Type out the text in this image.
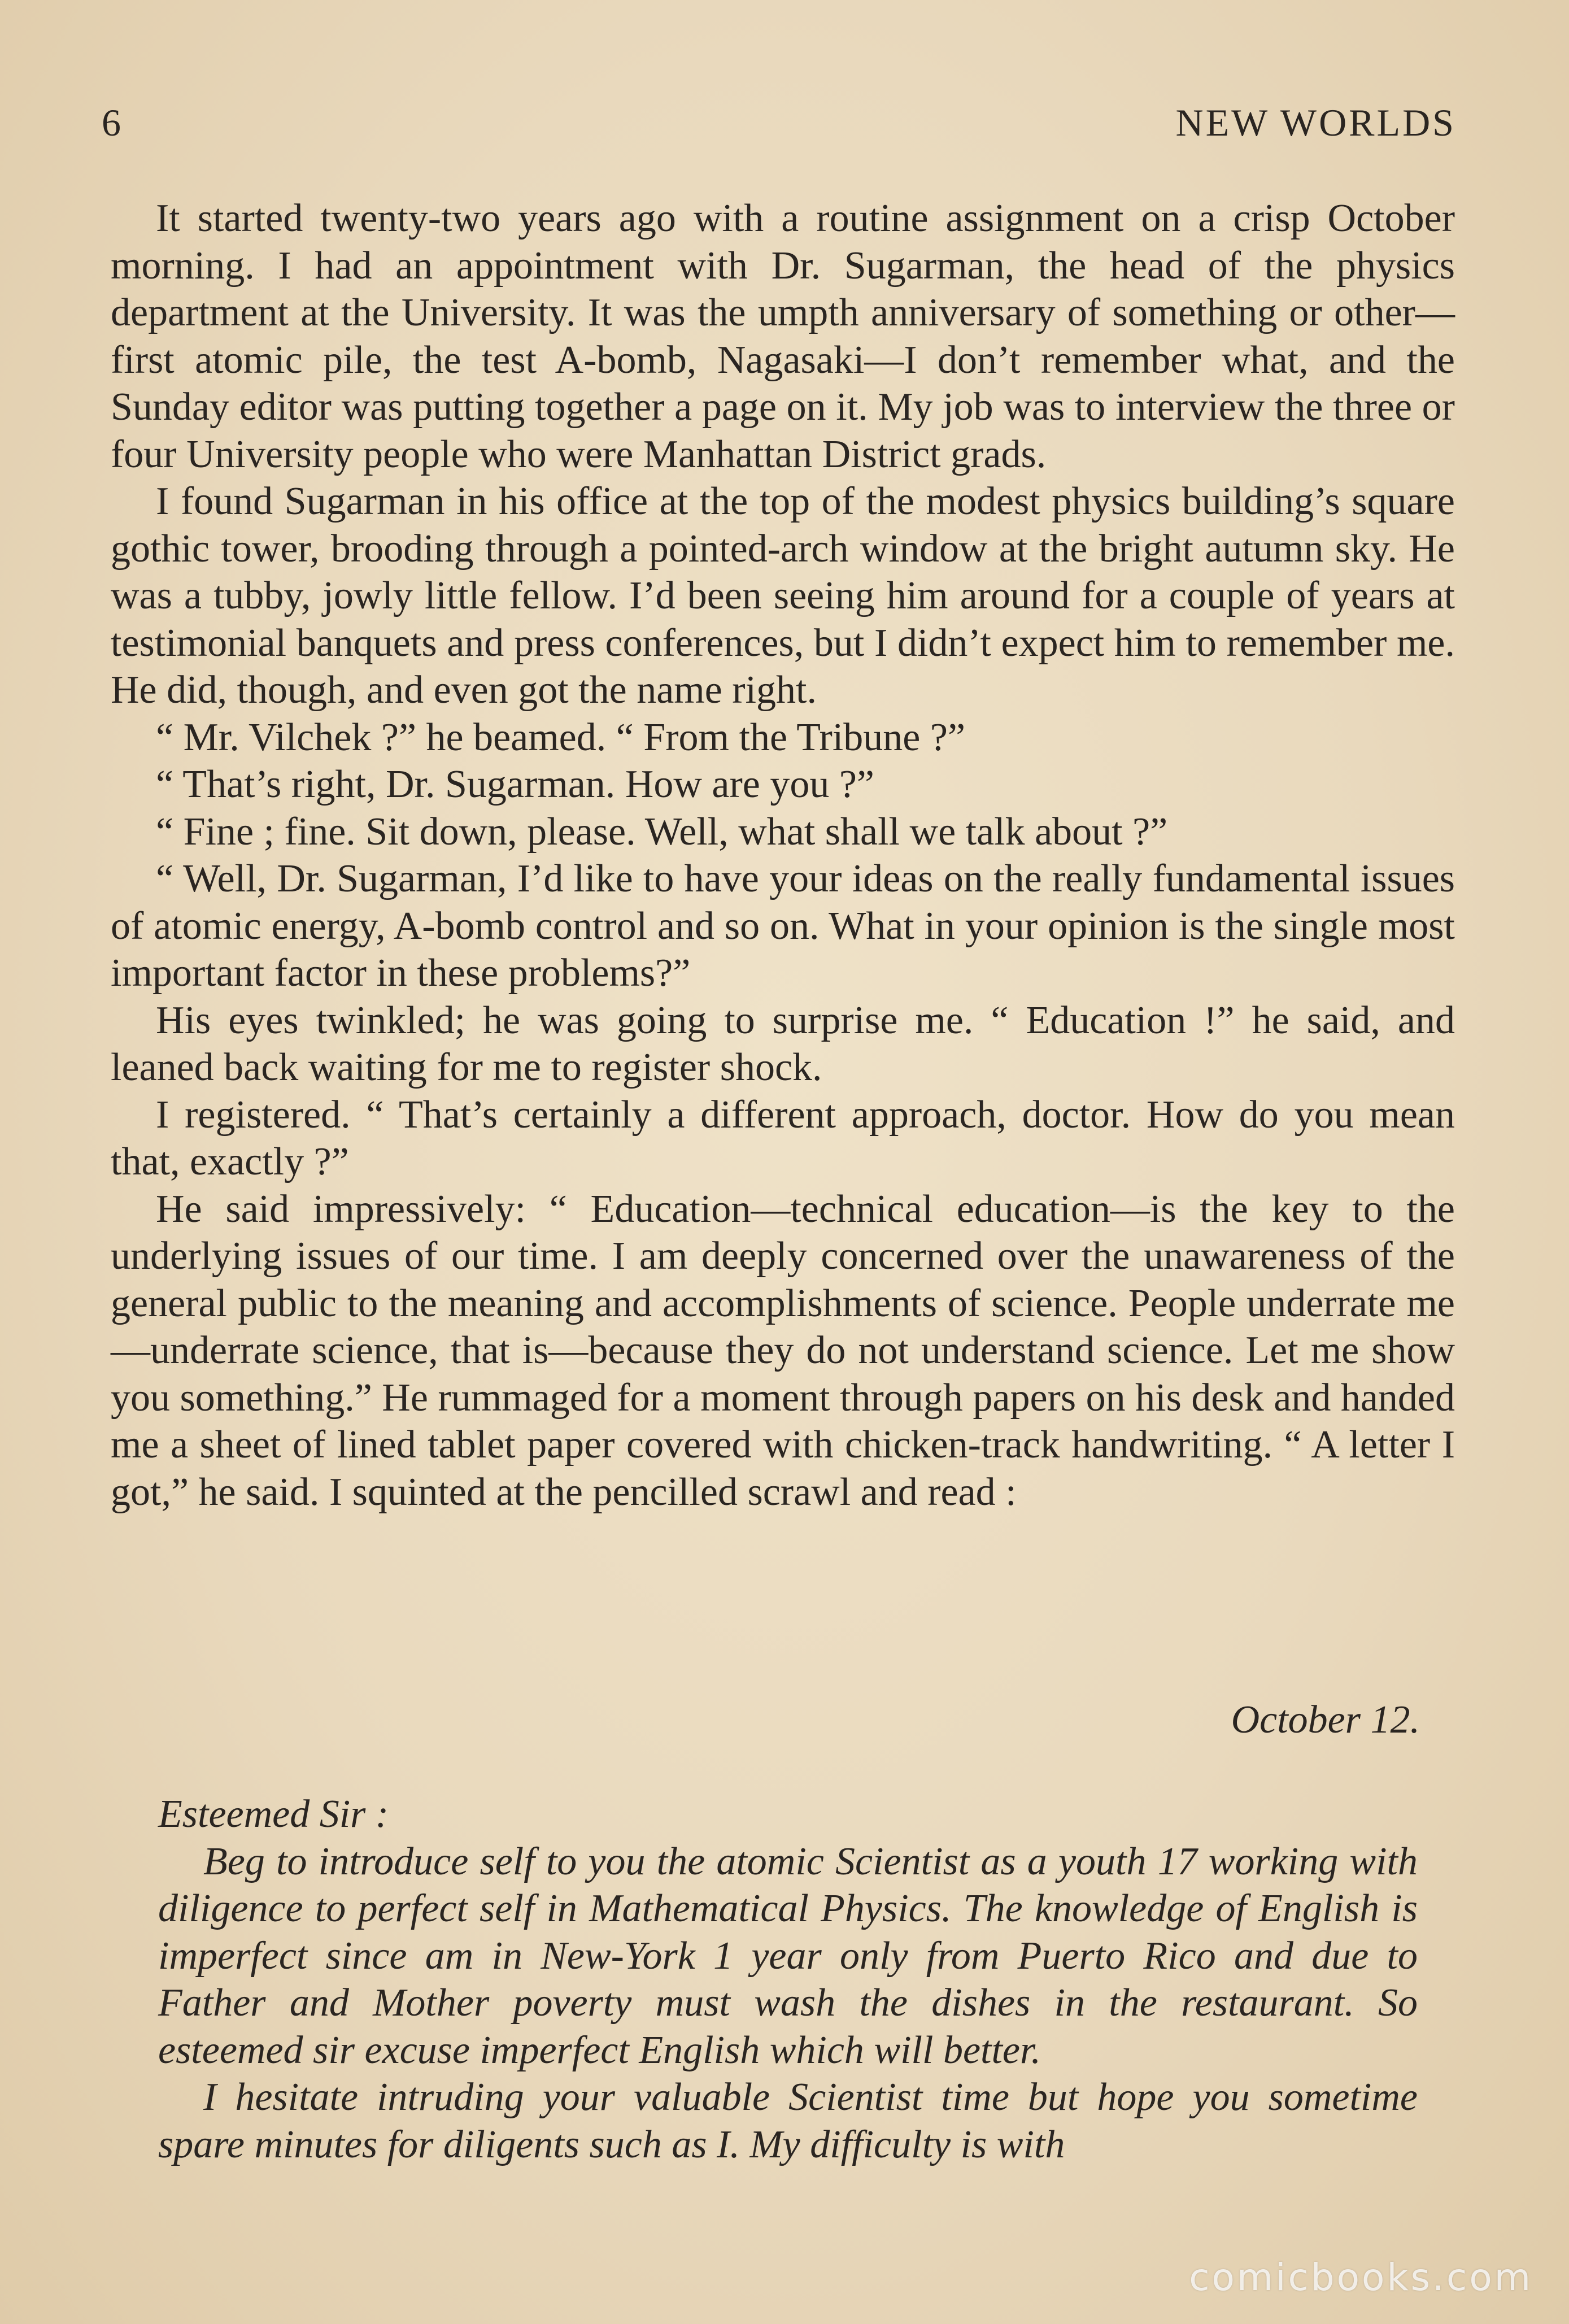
6	NEW WORLDS

It started twenty-two years ago with a routine assignment on a crisp October morning. I had an appointment with Dr. Sugarman, the head of the physics department at the University. It was the umpth anniversary of something or other—first atomic pile, the test A-bomb, Nagasaki—I don’t remember what, and the Sunday editor was putting together a page on it. My job was to interview the three or four University people who were Manhattan District grads.

I found Sugarman in his office at the top of the modest physics building’s square gothic tower, brooding through a pointed-arch window at the bright autumn sky. He was a tubby, jowly little fellow. I’d been seeing him around for a couple of years at testimonial banquets and press conferences, but I didn’t expect him to remember me. He did, though, and even got the name right.

“ Mr. Vilchek ?” he beamed. “ From the Tribune ?”

“ That’s right, Dr. Sugarman. How are you ?”

“ Fine ; fine. Sit down, please. Well, what shall we talk about ?”

“ Well, Dr. Sugarman, I’d like to have your ideas on the really fundamental issues of atomic energy, A-bomb control and so on. What in your opinion is the single most important factor in these problems?”

His eyes twinkled; he was going to surprise me. “ Education !” he said, and leaned back waiting for me to register shock.

I registered. “ That’s certainly a different approach, doctor. How do you mean that, exactly ?”

He said impressively: “ Education—technical education—is the key to the underlying issues of our time. I am deeply concerned over the unawareness of the general public to the meaning and accomplishments of science. People underrate me—underrate science, that is—because they do not understand science. Let me show you something.” He rummaged for a moment through papers on his desk and handed me a sheet of lined tablet paper covered with chicken-track handwriting. “ A letter I got,” he said. I squinted at the pencilled scrawl and read :

October 12.

Esteemed Sir :

Beg to introduce self to you the atomic Scientist as a youth 17 working with diligence to perfect self in Mathematical Physics. The knowledge of English is imperfect since am in New-York 1 year only from Puerto Rico and due to Father and Mother poverty must wash the dishes in the restaurant. So esteemed sir excuse imperfect English which will better.

I hesitate intruding your valuable Scientist time but hope you sometime spare minutes for diligents such as I. My difficulty is with

comicbooks.com
